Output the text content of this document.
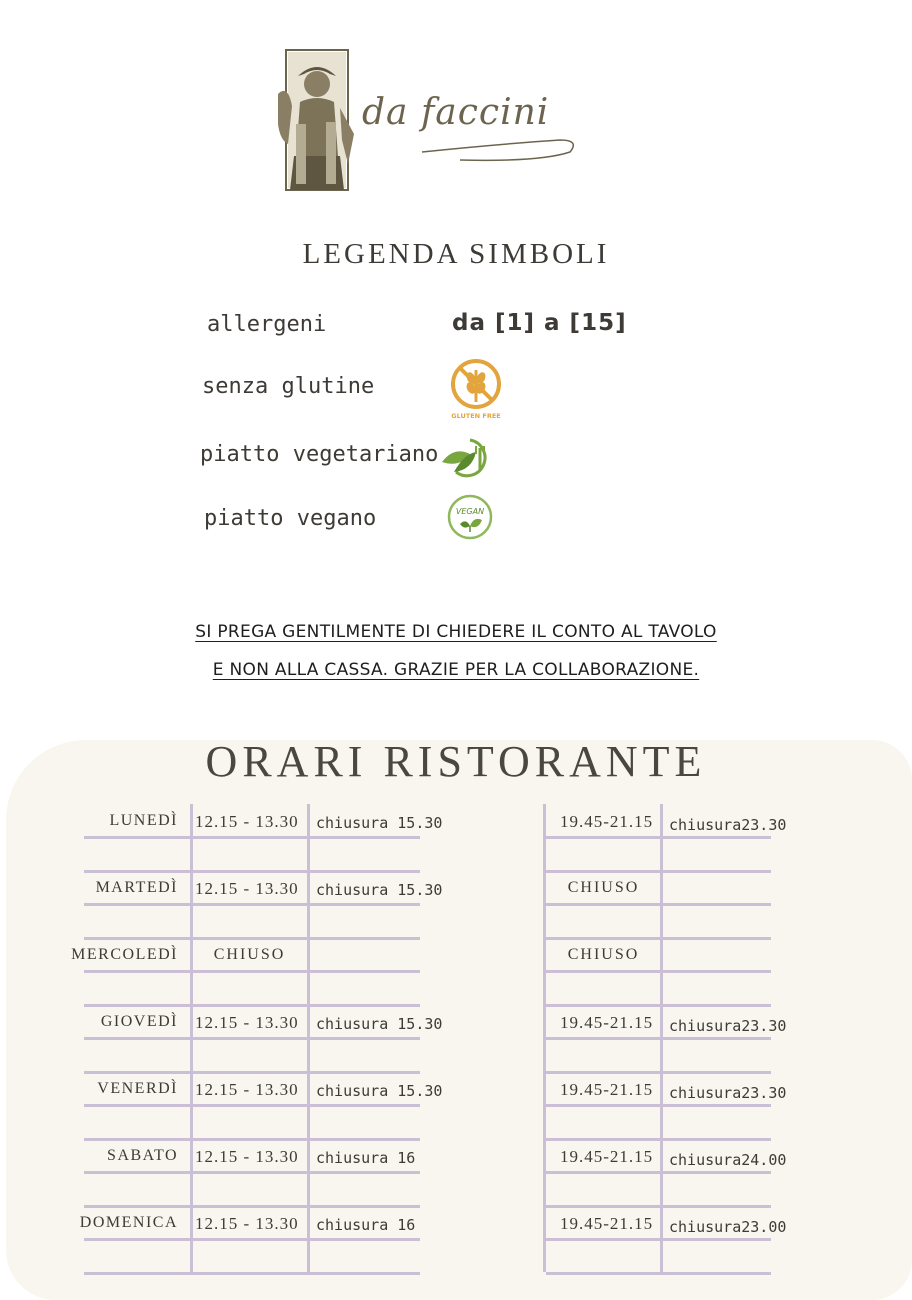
da faccini
LEGENDA SIMBOLI
allergeni	da [1] a [15]
senza glutine
GLUTEN FREE
piatto vegetariano
piatto vegano	VEGAN
SI PREGA GENTILMENTE DI CHIEDERE IL CONTO AL TAVOLO
E NON ALLA CASSA. GRAZIE PER LA COLLABORAZIONE.
ORARI RISTORANTE
LUNEDÌ 12.15 - 13.30	chiusura 15.30	19.45-21.15	chiusura23.30
MARTEDÌ 12.15 - 13.30	chiusura 15.30	CHIUSO
MERCOLEDÌ	CHIUSO	CHIUSO
GIOVEDÌ 12.15 - 13.30	chiusura 15.30	19.45-21.15	chiusura23.30
VENERDÌ 12.15 - 13.30	chiusura 15.30	19.45-21.15	chiusura23.30
SABATO 12.15 - 13.30	chiusura 16	19.45-21.15	chiusura24.00
DOMENICA 12.15 - 13.30	chiusura 16	19.45-21.15	chiusura23.00
